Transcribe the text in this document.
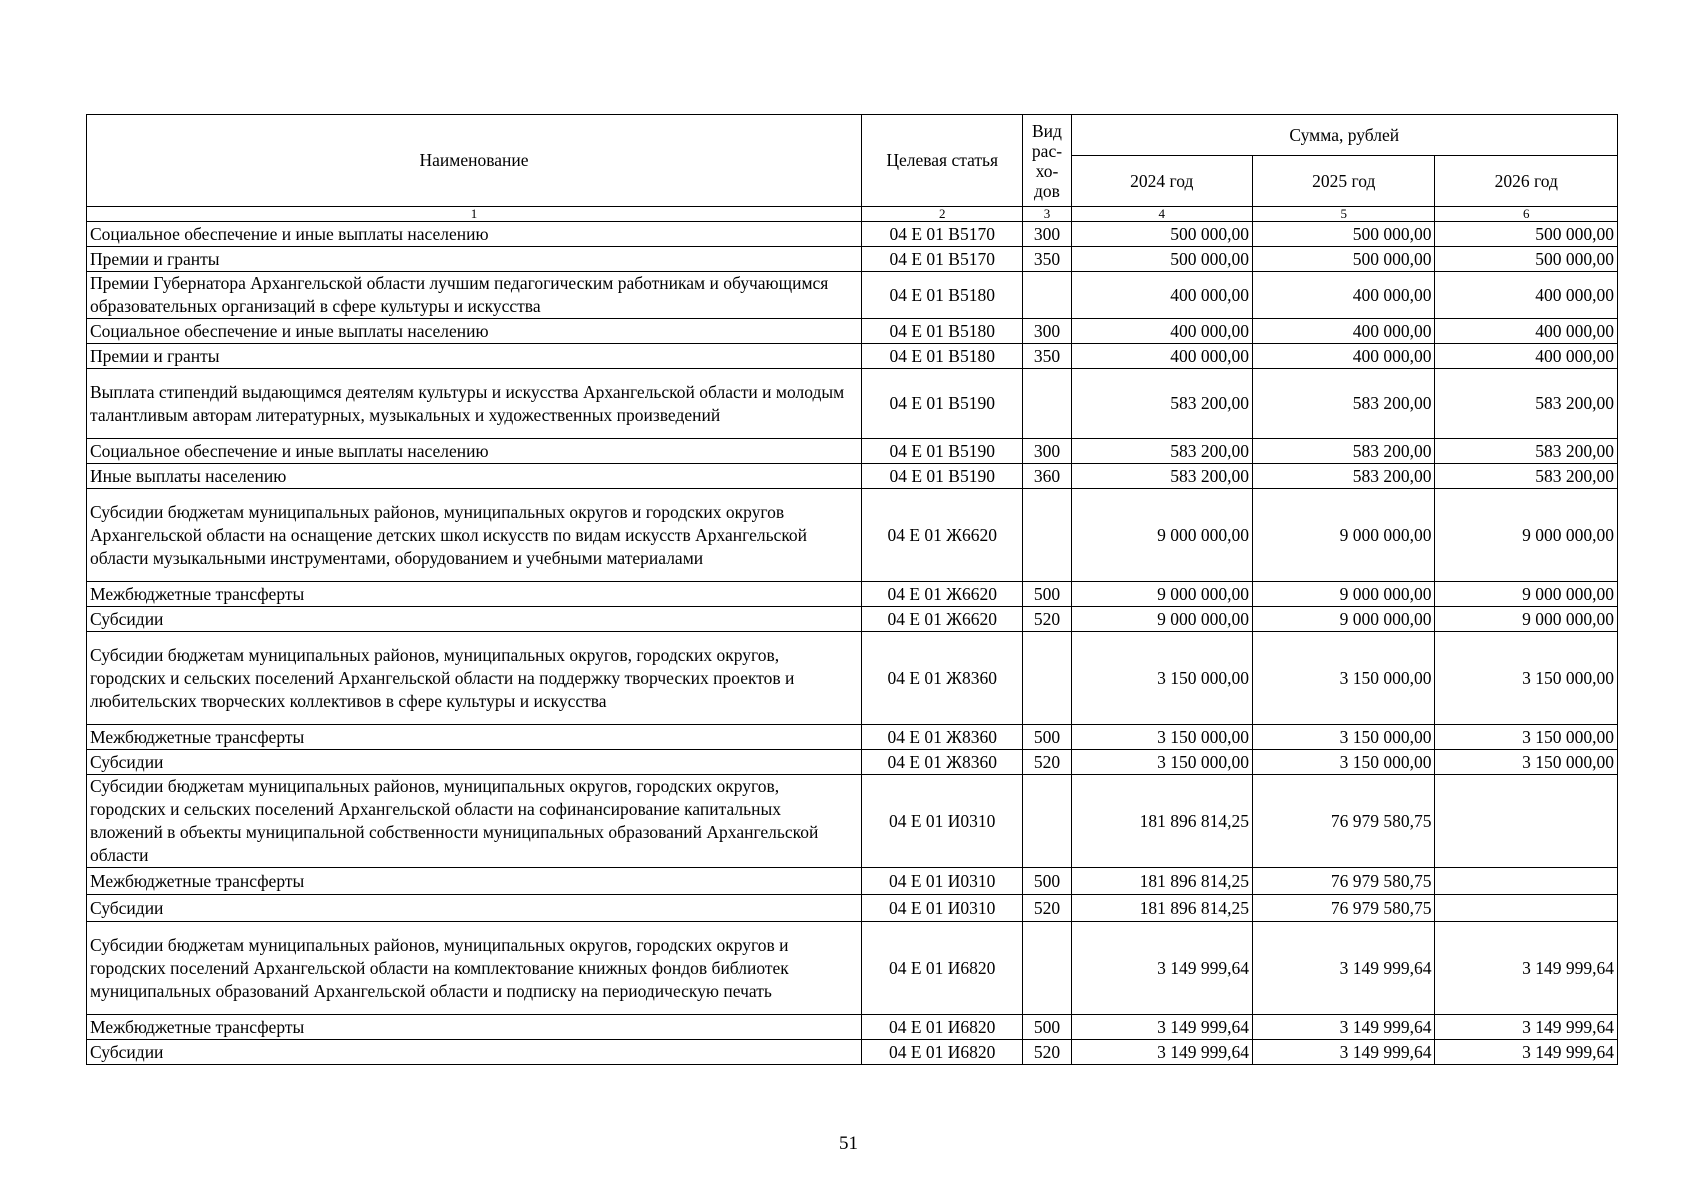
Наименование	Целевая статья	Вид рас- хо- дов	Сумма, рублей		
			2024 год	2025 год	2026 год
1	2	3	4	5	6
Социальное обеспечение и иные выплаты населению	04 Е 01 В5170	300	500 000,00	500 000,00	500 000,00
Премии и гранты	04 Е 01 В5170	350	500 000,00	500 000,00	500 000,00
Премии Губернатора Архангельской области лучшим педагогическим работникам и обучающимся образовательных организаций в сфере культуры и искусства	04 Е 01 В5180		400 000,00	400 000,00	400 000,00
Социальное обеспечение и иные выплаты населению	04 Е 01 В5180	300	400 000,00	400 000,00	400 000,00
Премии и гранты	04 Е 01 В5180	350	400 000,00	400 000,00	400 000,00
Выплата стипендий выдающимся деятелям культуры и искусства Архангельской области и молодым талантливым авторам литературных, музыкальных и художественных произведений	04 Е 01 В5190		583 200,00	583 200,00	583 200,00
Социальное обеспечение и иные выплаты населению	04 Е 01 В5190	300	583 200,00	583 200,00	583 200,00
Иные выплаты населению	04 Е 01 В5190	360	583 200,00	583 200,00	583 200,00
Субсидии бюджетам муниципальных районов, муниципальных округов и городских округов Архангельской области на оснащение детских школ искусств по видам искусств Архангельской области музыкальными инструментами, оборудованием и учебными материалами	04 Е 01 Ж6620		9 000 000,00	9 000 000,00	9 000 000,00
Межбюджетные трансферты	04 Е 01 Ж6620	500	9 000 000,00	9 000 000,00	9 000 000,00
Субсидии	04 Е 01 Ж6620	520	9 000 000,00	9 000 000,00	9 000 000,00
Субсидии бюджетам муниципальных районов, муниципальных округов, городских округов, городских и сельских поселений Архангельской области на поддержку творческих проектов и любительских творческих коллективов в сфере культуры и искусства	04 Е 01 Ж8360		3 150 000,00	3 150 000,00	3 150 000,00
Межбюджетные трансферты	04 Е 01 Ж8360	500	3 150 000,00	3 150 000,00	3 150 000,00
Субсидии	04 Е 01 Ж8360	520	3 150 000,00	3 150 000,00	3 150 000,00
Субсидии бюджетам муниципальных районов, муниципальных округов, городских округов, городских и сельских поселений Архангельской области на софинансирование капитальных вложений в объекты муниципальной собственности муниципальных образований Архангельской области	04 Е 01 И0310		181 896 814,25	76 979 580,75	
Межбюджетные трансферты	04 Е 01 И0310	500	181 896 814,25	76 979 580,75	
Субсидии	04 Е 01 И0310	520	181 896 814,25	76 979 580,75	
Субсидии бюджетам муниципальных районов, муниципальных округов, городских округов и городских поселений Архангельской области на комплектование книжных фондов библиотек муниципальных образований Архангельской области и подписку на периодическую печать	04 Е 01 И6820		3 149 999,64	3 149 999,64	3 149 999,64
Межбюджетные трансферты	04 Е 01 И6820	500	3 149 999,64	3 149 999,64	3 149 999,64
Субсидии	04 Е 01 И6820	520	3 149 999,64	3 149 999,64	3 149 999,64
51
